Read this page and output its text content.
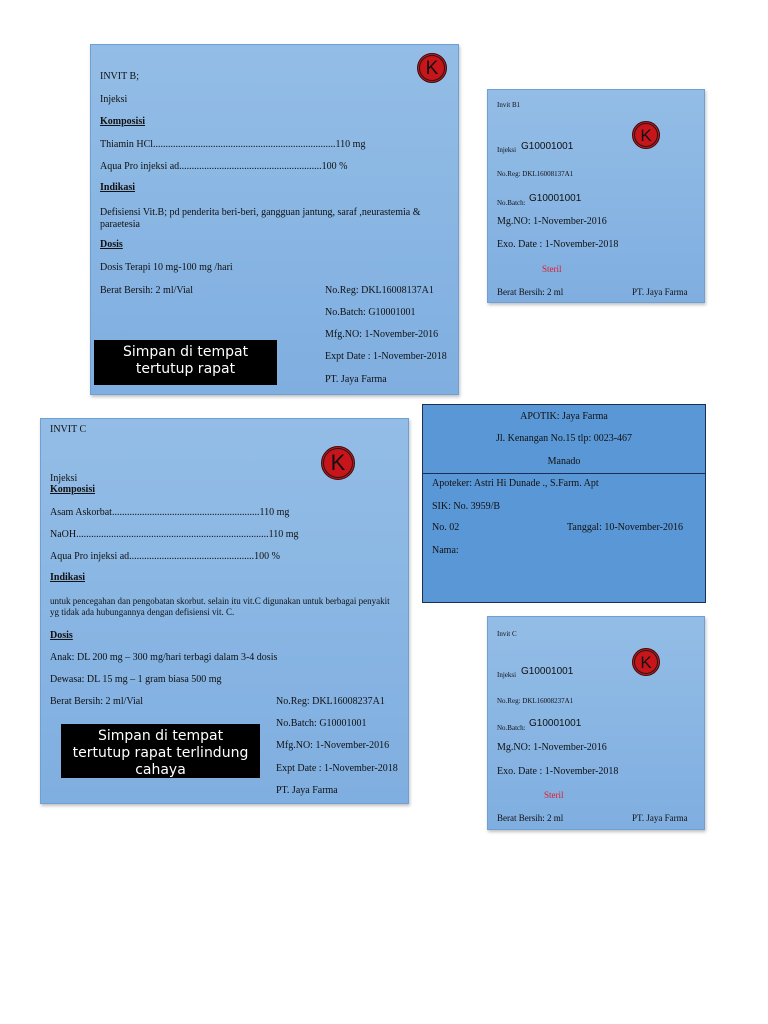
INVIT B;	K
Injeksi
Komposisi
Thiamin HCl.........................................................................110 mg
Aqua Pro injeksi ad.........................................................100 %
Indikasi
Defisiensi Vit.B; pd penderita beri-beri, gangguan jantung, saraf ,neurastemia & paraetesia
Dosis
Dosis Terapi 10 mg-100 mg /hari
Berat Bersih: 2 ml/Vial	No.Reg: DKL16008137A1
No.Batch: G10001001
Mfg.NO: 1-November-2016
Expt Date : 1-November-2018
PT. Jaya Farma
Simpan di tempat tertutup rapat
Invit B1
K
Injeksi G10001001
No.Reg: DKL16008137A1
No.Batch: G10001001
Mg.NO: 1-November-2016
Exo. Date : 1-November-2018
Steril
Berat Bersih: 2 ml	PT. Jaya Farma
INVIT C
K
Injeksi
Komposisi
Asam Askorbat...........................................................110 mg
NaOH.............................................................................110 mg
Aqua Pro injeksi ad..................................................100 %
Indikasi
untuk pencegahan dan pengobatan skorbut. selain itu vit.C digunakan untuk berbagai penyakit yg tidak ada hubungannya dengan defisiensi vit. C.
Dosis
Anak: DL 200 mg – 300 mg/hari terbagi dalam 3-4 dosis
Dewasa: DL 15 mg – 1 gram biasa 500 mg
Berat Bersih: 2 ml/Vial	No.Reg: DKL16008237A1
No.Batch: G10001001
Mfg.NO: 1-November-2016
Expt Date : 1-November-2018
PT. Jaya Farma
Simpan di tempat tertutup rapat terlindung cahaya
APOTIK: Jaya Farma
Jl. Kenangan No.15 tlp: 0023-467
Manado
Apoteker: Astri Hi Dunade ., S.Farm. Apt
SIK: No. 3959/B
No. 02	Tanggal: 10-November-2016
Nama:
Invit C
K
Injeksi G10001001
No.Reg: DKL16008237A1
No.Batch: G10001001
Mg.NO: 1-November-2016
Exo. Date : 1-November-2018
Steril
Berat Bersih: 2 ml	PT. Jaya Farma
